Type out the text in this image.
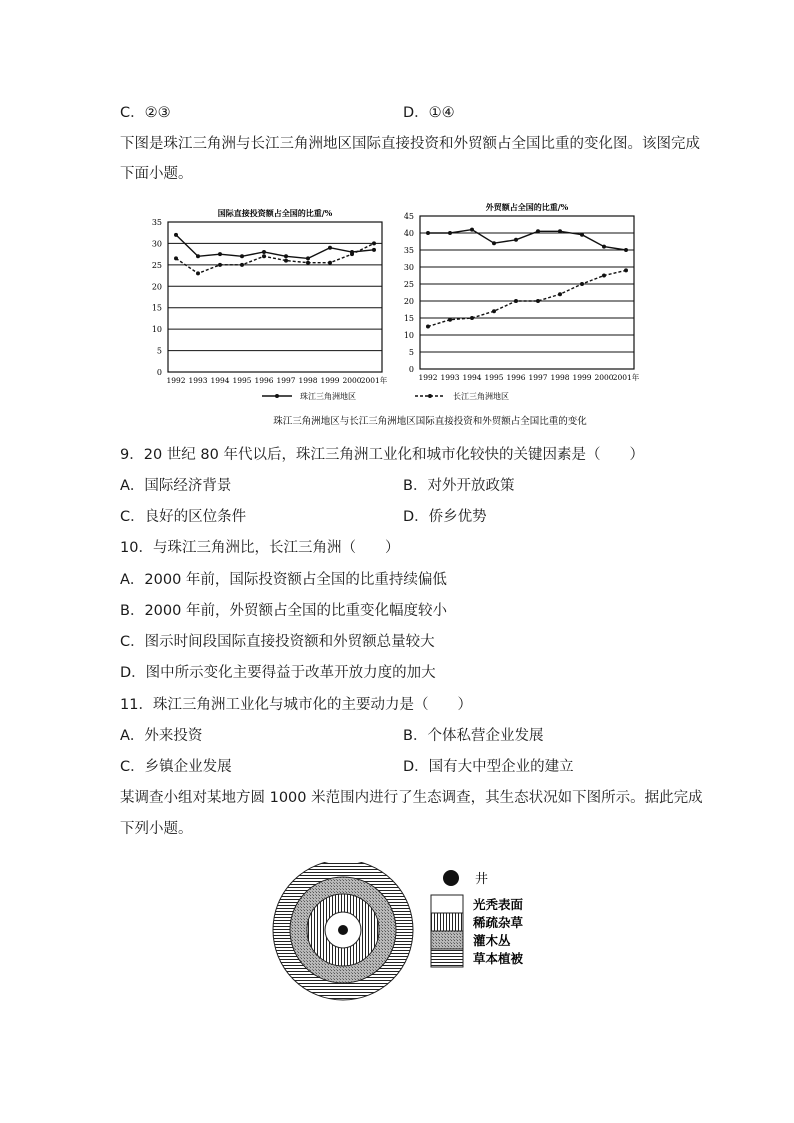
C．②③	D．①④
下图是珠江三角洲与长江三角洲地区国际直接投资和外贸额占全国比重的变化图。该图完成
下面小题。
国际直接投资额占全国的比重/%
0
5
10
15
20
25
30
35
1992 1993 1994 1995 1996 1997 1998 1999 2000 2001年
外贸额占全国的比重/%
0
5
10
15
20
25
30
35
40
45
1992 1993 1994 1995 1996 1997 1998 1999 2000 2001年
珠江三角洲地区	长江三角洲地区
珠江三角洲地区与长江三角洲地区国际直接投资和外贸额占全国比重的变化
9．20 世纪 80 年代以后，珠江三角洲工业化和城市化较快的关键因素是（　　）
A．国际经济背景	B．对外开放政策
C．良好的区位条件	D．侨乡优势
10．与珠江三角洲比，长江三角洲（　　）
A．2000 年前，国际投资额占全国的比重持续偏低
B．2000 年前，外贸额占全国的比重变化幅度较小
C．图示时间段国际直接投资额和外贸额总量较大
D．图中所示变化主要得益于改革开放力度的加大
11．珠江三角洲工业化与城市化的主要动力是（　　）
A．外来投资	B．个体私营企业发展
C．乡镇企业发展	D．国有大中型企业的建立
某调查小组对某地方圆 1000 米范围内进行了生态调查，其生态状况如下图所示。据此完成
下列小题。
井
光秃表面
稀疏杂草
灌木丛
草本植被
